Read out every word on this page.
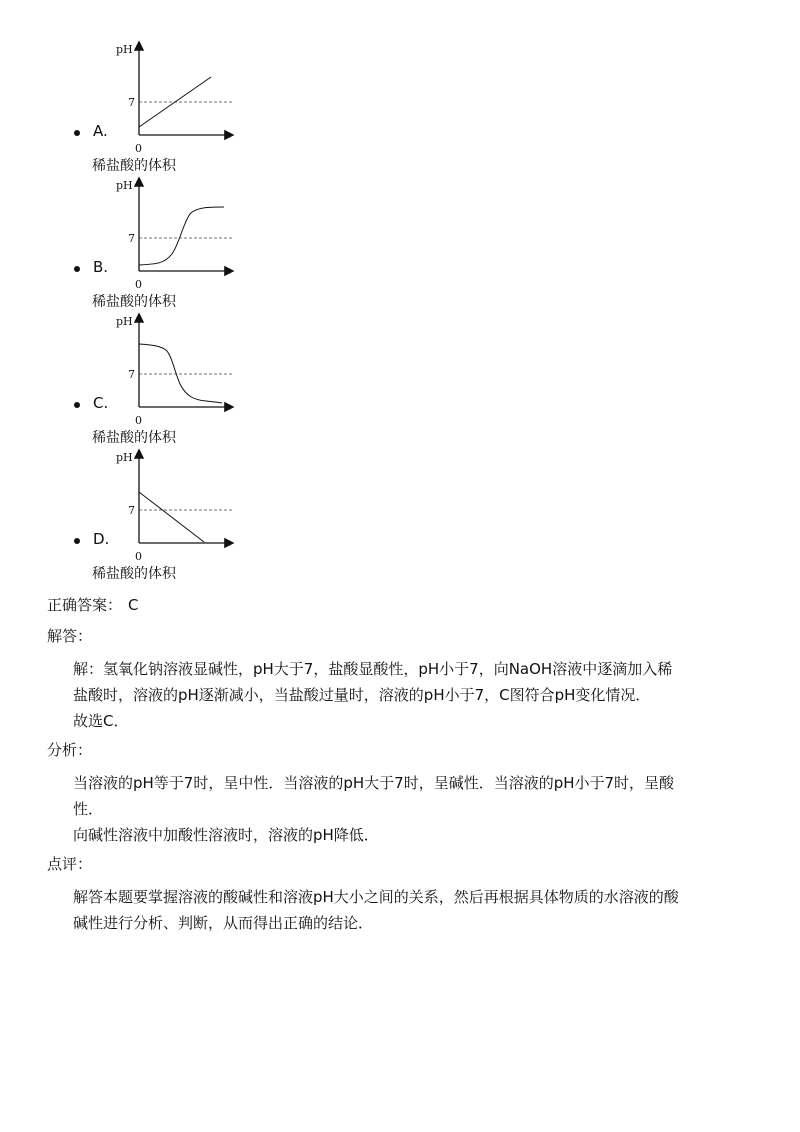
A.
pH
7
0
稀盐酸的体积
B.
pH
7
0
稀盐酸的体积
C.
pH
7
0
稀盐酸的体积
D.
pH
7
0
稀盐酸的体积
正确答案： C
解答：
解：氢氧化钠溶液显碱性，pH大于7，盐酸显酸性，pH小于7，向NaOH溶液中逐滴加入稀
盐酸时，溶液的pH逐渐减小，当盐酸过量时，溶液的pH小于7，C图符合pH变化情况．
故选C．
分析：
当溶液的pH等于7时，呈中性．当溶液的pH大于7时，呈碱性．当溶液的pH小于7时，呈酸
性．
向碱性溶液中加酸性溶液时，溶液的pH降低．
点评：
解答本题要掌握溶液的酸碱性和溶液pH大小之间的关系，然后再根据具体物质的水溶液的酸
碱性进行分析、判断，从而得出正确的结论．
